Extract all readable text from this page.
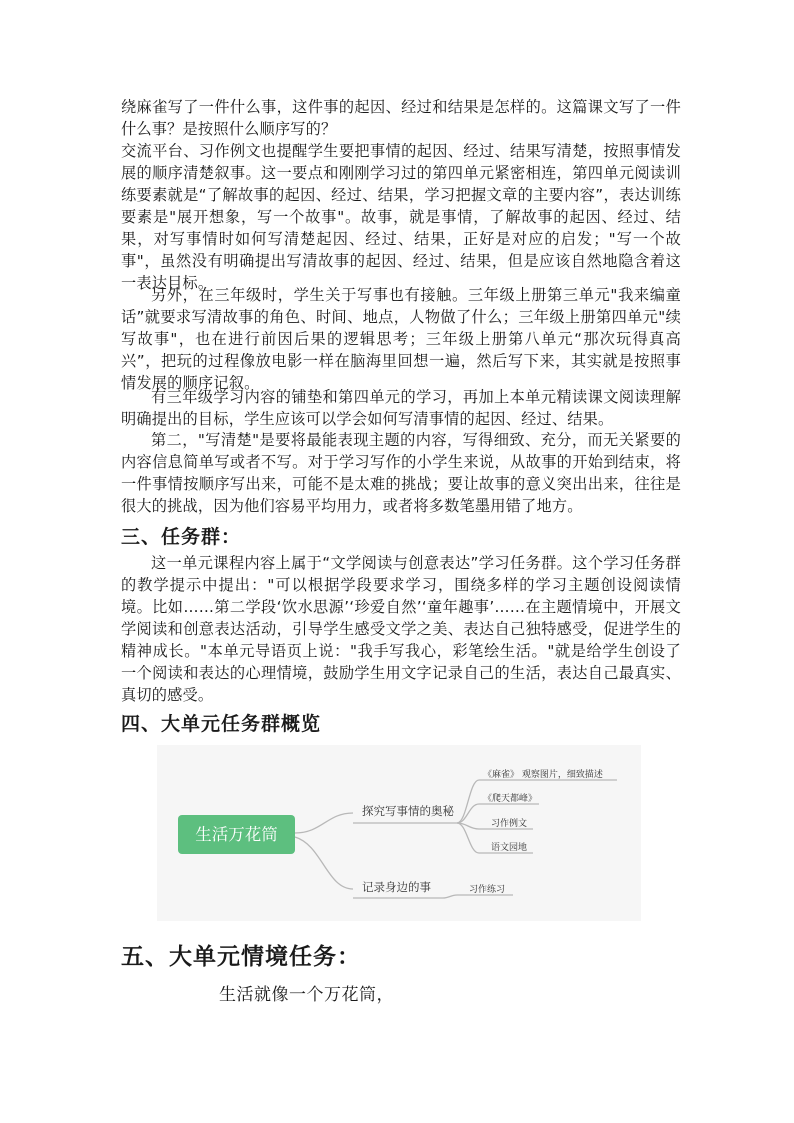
绕麻雀写了一件什么事，这件事的起因、经过和结果是怎样的。这篇课文写了一件什么事？是按照什么顺序写的？

交流平台、习作例文也提醒学生要把事情的起因、经过、结果写清楚，按照事情发展的顺序清楚叙事。这一要点和刚刚学习过的第四单元紧密相连，第四单元阅读训练要素就是“了解故事的起因、经过、结果，学习把握文章的主要内容”，表达训练要素是"展开想象，写一个故事"。故事，就是事情，了解故事的起因、经过、结果，对写事情时如何写清楚起因、经过、结果，正好是对应的启发；"写一个故事"，虽然没有明确提出写清故事的起因、经过、结果，但是应该自然地隐含着这一表达目标。

另外，在三年级时，学生关于写事也有接触。三年级上册第三单元"我来编童话”就要求写清故事的角色、时间、地点，人物做了什么；三年级上册第四单元"续写故事"，也在进行前因后果的逻辑思考；三年级上册第八单元“那次玩得真高兴”，把玩的过程像放电影一样在脑海里回想一遍，然后写下来，其实就是按照事情发展的顺序记叙。

有三年级学习内容的铺垫和第四单元的学习，再加上本单元精读课文阅读理解明确提出的目标，学生应该可以学会如何写清事情的起因、经过、结果。

第二，"写清楚"是要将最能表现主题的内容，写得细致、充分，而无关紧要的内容信息简单写或者不写。对于学习写作的小学生来说，从故事的开始到结束，将一件事情按顺序写出来，可能不是太难的挑战；要让故事的意义突出出来，往往是很大的挑战，因为他们容易平均用力，或者将多数笔墨用错了地方。

三、任务群：

这一单元课程内容上属于“文学阅读与创意表达”学习任务群。这个学习任务群的教学提示中提出："可以根据学段要求学习，围绕多样的学习主题创设阅读情境。比如……第二学段‘饮水思源’‘珍爱自然’‘童年趣事’……在主题情境中，开展文学阅读和创意表达活动，引导学生感受文学之美、表达自己独特感受，促进学生的精神成长。"本单元导语页上说："我手写我心，彩笔绘生活。"就是给学生创设了一个阅读和表达的心理情境，鼓励学生用文字记录自己的生活，表达自己最真实、真切的感受。

四、大单元任务群概览
生活万花筒
探究写事情的奥秘
记录身边的事
《麻雀》 观察图片，细致描述
《爬天都峰》
习作例文
语文园地
习作练习
五、大单元情境任务：

生活就像一个万花筒，
